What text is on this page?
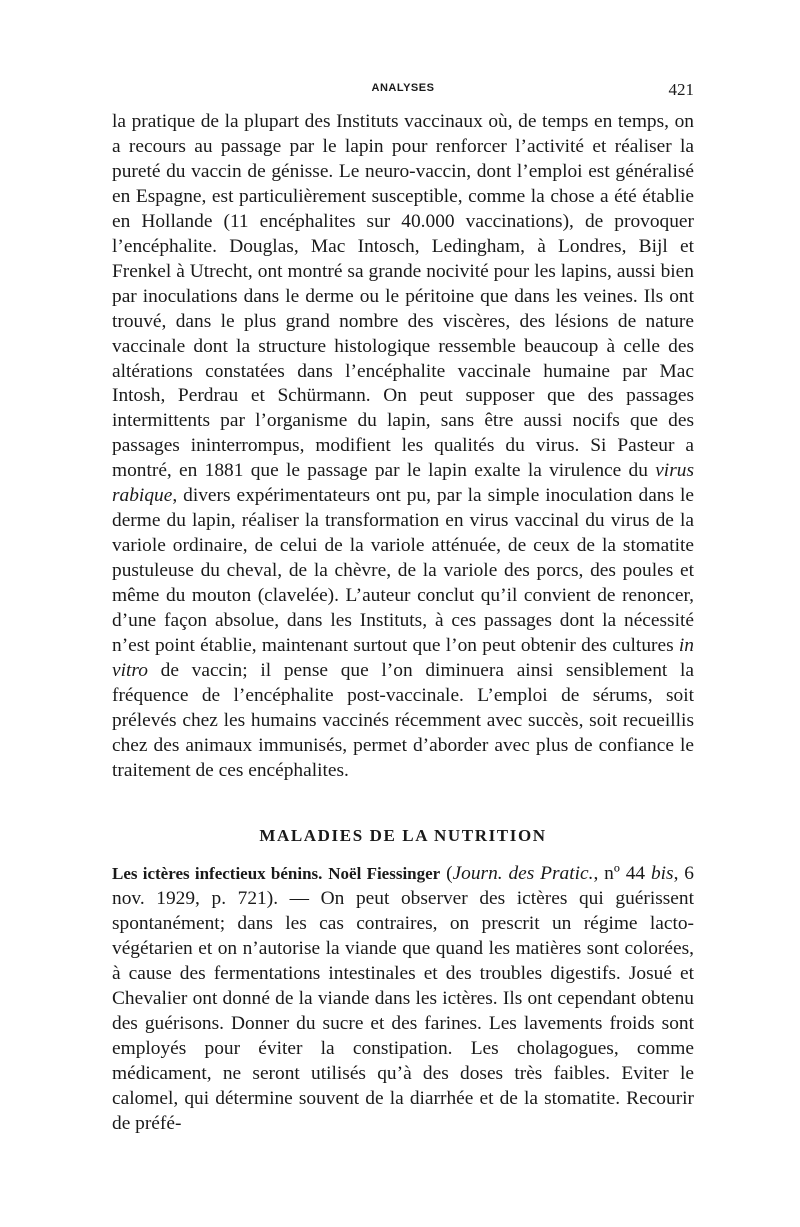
ANALYSES	421

la pratique de la plupart des Instituts vaccinaux où, de temps en temps, on a recours au passage par le lapin pour renforcer l’activité et réaliser la pureté du vaccin de génisse. Le neuro-vaccin, dont l’emploi est généralisé en Espagne, est particulièrement susceptible, comme la chose a été établie en Hollande (11 encéphalites sur 40.000 vaccinations), de provoquer l’encéphalite. Douglas, Mac Intosch, Ledingham, à Londres, Bijl et Frenkel à Utrecht, ont montré sa grande nocivité pour les lapins, aussi bien par inoculations dans le derme ou le péritoine que dans les veines. Ils ont trouvé, dans le plus grand nombre des viscères, des lésions de nature vaccinale dont la structure histologique ressemble beaucoup à celle des altérations constatées dans l’encéphalite vaccinale humaine par Mac Intosh, Perdrau et Schürmann. On peut supposer que des passages intermittents par l’organisme du lapin, sans être aussi nocifs que des passages ininterrompus, modifient les qualités du virus. Si Pasteur a montré, en 1881 que le passage par le lapin exalte la virulence du virus rabique, divers expérimentateurs ont pu, par la simple inoculation dans le derme du lapin, réaliser la transformation en virus vaccinal du virus de la variole ordinaire, de celui de la variole atténuée, de ceux de la stomatite pustuleuse du cheval, de la chèvre, de la variole des porcs, des poules et même du mouton (clavelée). L’auteur conclut qu’il convient de renoncer, d’une façon absolue, dans les Instituts, à ces passages dont la nécessité n’est point établie, maintenant surtout que l’on peut obtenir des cultures in vitro de vaccin; il pense que l’on diminuera ainsi sensiblement la fréquence de l’encéphalite post-vaccinale. L’emploi de sérums, soit prélevés chez les humains vaccinés récemment avec succès, soit recueillis chez des animaux immunisés, permet d’aborder avec plus de confiance le traitement de ces encéphalites.

MALADIES DE LA NUTRITION

Les ictères infectieux bénins. Noël Fiessinger (Journ. des Pratic., nº 44 bis, 6 nov. 1929, p. 721). — On peut observer des ictères qui guérissent spontanément; dans les cas contraires, on prescrit un régime lacto-végétarien et on n’autorise la viande que quand les matières sont colorées, à cause des fermentations intestinales et des troubles digestifs. Josué et Chevalier ont donné de la viande dans les ictères. Ils ont cependant obtenu des guérisons. Donner du sucre et des farines. Les lavements froids sont employés pour éviter la constipation. Les cholagogues, comme médicament, ne seront utilisés qu’à des doses très faibles. Eviter le calomel, qui détermine souvent de la diarrhée et de la stomatite. Recourir de préfé-
